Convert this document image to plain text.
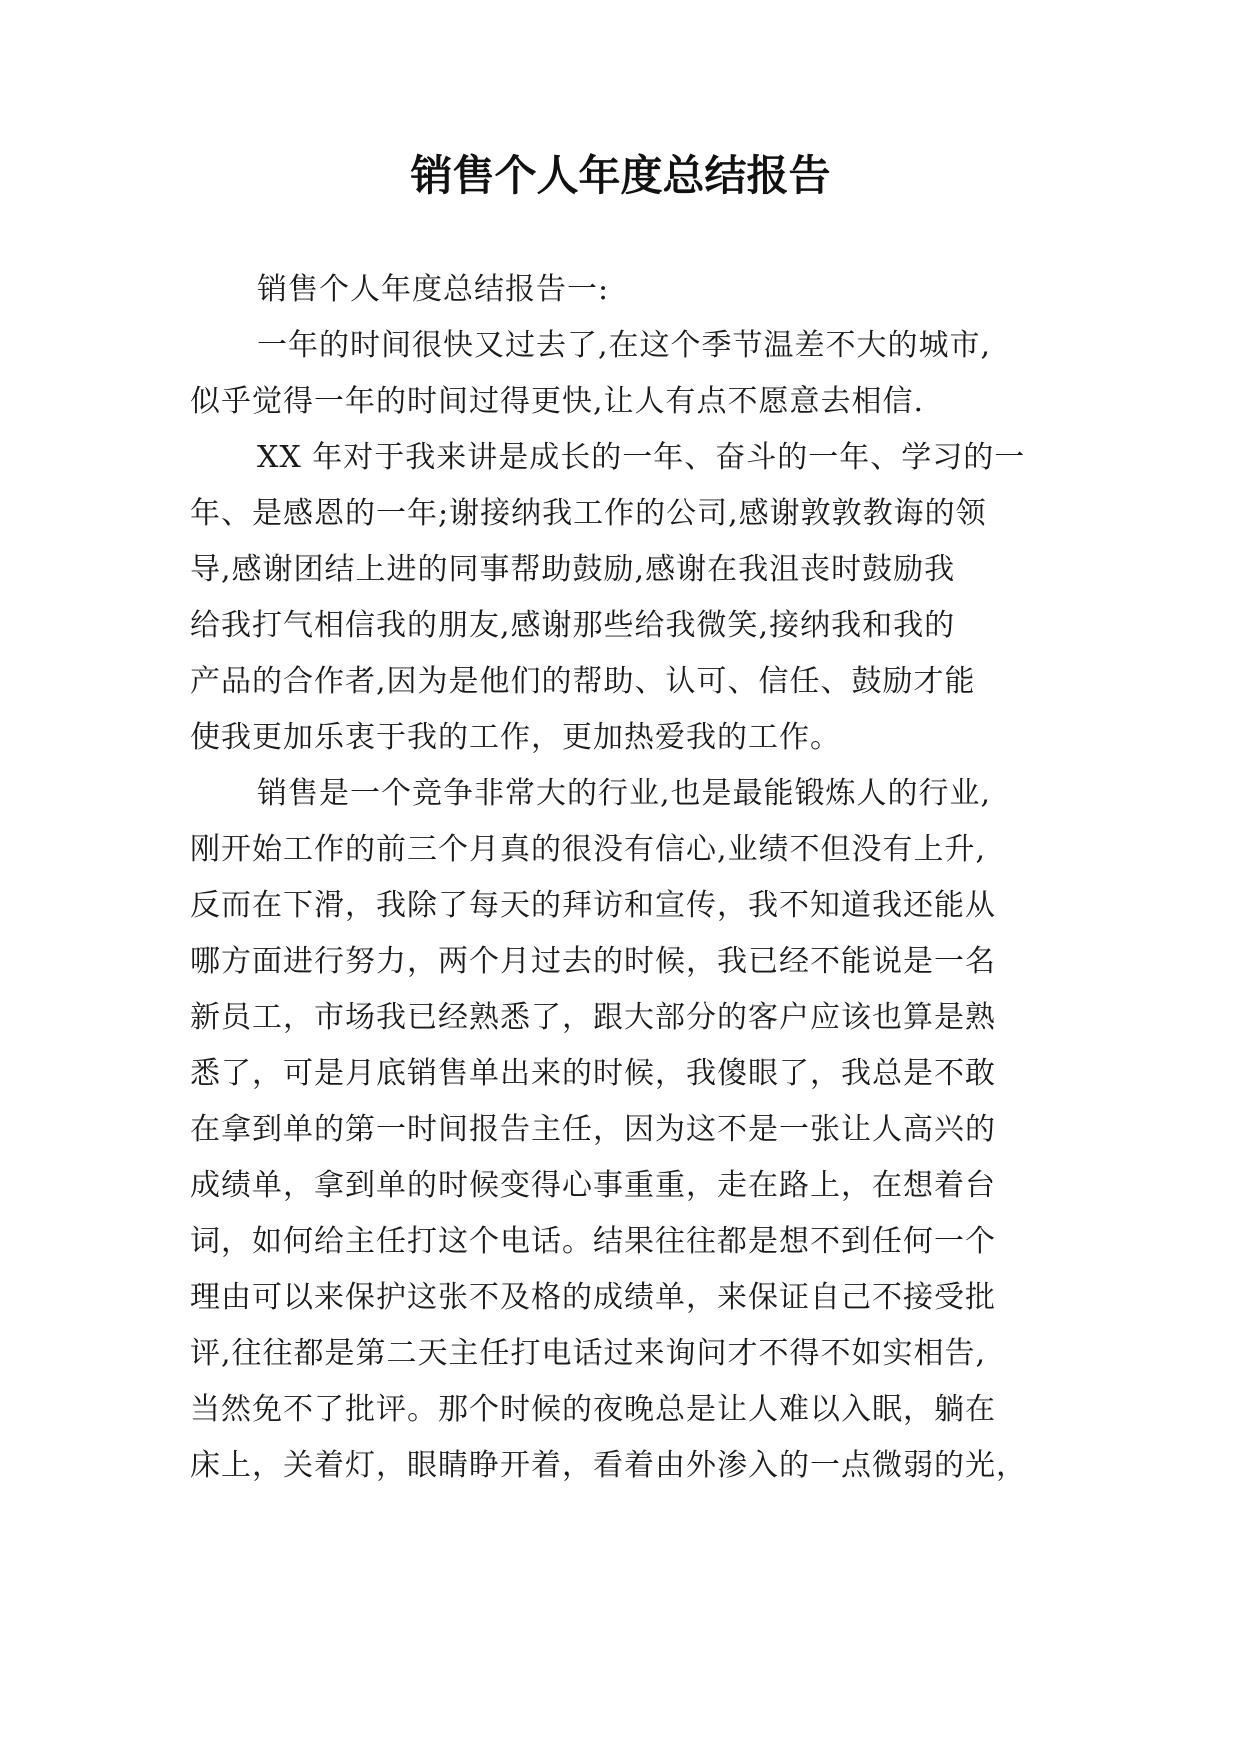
销售个人年度总结报告
销售个人年度总结报告一:
一年的时间很快又过去了,在这个季节温差不大的城市,
似乎觉得一年的时间过得更快,让人有点不愿意去相信.
XX 年对于我来讲是成长的一年、奋斗的一年、学习的一
年、是感恩的一年;谢接纳我工作的公司,感谢敦敦教诲的领
导,感谢团结上进的同事帮助鼓励,感谢在我沮丧时鼓励我
给我打气相信我的朋友,感谢那些给我微笑,接纳我和我的
产品的合作者,因为是他们的帮助、认可、信任、鼓励才能
使我更加乐衷于我的工作，更加热爱我的工作。
销售是一个竞争非常大的行业,也是最能锻炼人的行业,
刚开始工作的前三个月真的很没有信心,业绩不但没有上升,
反而在下滑，我除了每天的拜访和宣传，我不知道我还能从
哪方面进行努力，两个月过去的时候，我已经不能说是一名
新员工，市场我已经熟悉了，跟大部分的客户应该也算是熟
悉了，可是月底销售单出来的时候，我傻眼了，我总是不敢
在拿到单的第一时间报告主任，因为这不是一张让人高兴的
成绩单，拿到单的时候变得心事重重，走在路上，在想着台
词，如何给主任打这个电话。结果往往都是想不到任何一个
理由可以来保护这张不及格的成绩单，来保证自己不接受批
评,往往都是第二天主任打电话过来询问才不得不如实相告,
当然免不了批评。那个时候的夜晚总是让人难以入眠，躺在
床上，关着灯，眼睛睁开着，看着由外渗入的一点微弱的光，
